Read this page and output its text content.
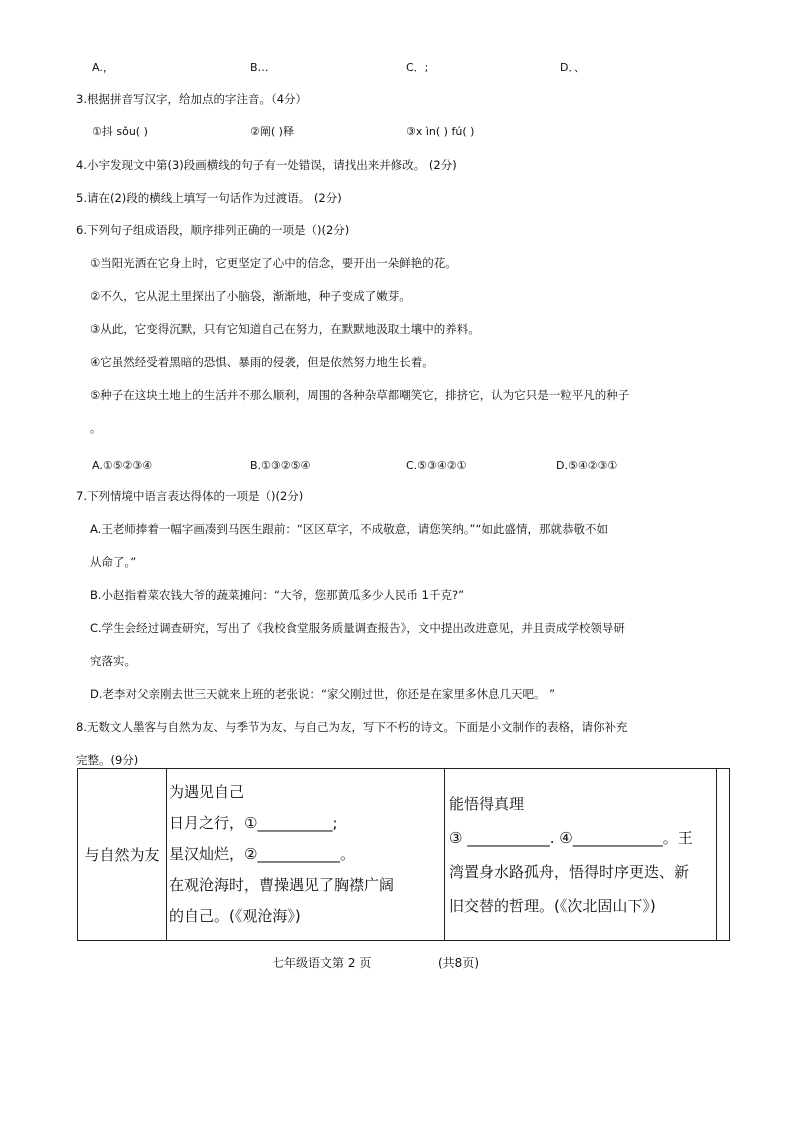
A.，	B…	C．;	D．、
3.根据拼音写汉字，给加点的字注音。（4分）
①抖 sǒu( )	②阐( )释	③x ìn( ) fú( )
4.小宇发现文中第(3)段画横线的句子有一处错误，请找出来并修改。 (2分)
5.请在(2)段的横线上填写一句话作为过渡语。 (2分)
6.下列句子组成语段，顺序排列正确的一项是（)(2分)
①当阳光洒在它身上时，它更坚定了心中的信念，要开出一朵鲜艳的花。
②不久，它从泥土里探出了小脑袋，渐渐地，种子变成了嫩芽。
③从此，它变得沉默，只有它知道自己在努力，在默默地汲取土壤中的养料。
④它虽然经受着黑暗的恐惧、暴雨的侵袭，但是依然努力地生长着。
⑤种子在这块土地上的生活并不那么顺利，周围的各种杂草都嘲笑它，排挤它，认为它只是一粒平凡的种子
。
A.①⑤②③④	B.①③②⑤④	C.⑤③④②①	D.⑤④②③①
7.下列情境中语言表达得体的一项是（)(2分)
A.王老师捧着一幅字画凑到马医生跟前：“区区草字，不成敬意，请您笑纳。”“如此盛情，那就恭敬不如
从命了。”
B.小赵指着菜农钱大爷的蔬菜摊问：“大爷，您那黄瓜多少人民币 1千克?”
C.学生会经过调查研究，写出了《我校食堂服务质量调查报告》，文中提出改进意见，并且责成学校领导研
究落实。
D.老李对父亲刚去世三天就来上班的老张说：“家父刚过世，你还是在家里多休息几天吧。 ”
8.无数文人墨客与自然为友、与季节为友、与自己为友，写下不朽的诗文。下面是小文制作的表格，请你补充
完整。(9分)
与自然为友

为遇见自己
日月之行，①__________;
星汉灿烂，②___________。
在观沧海时，曹操遇见了胸襟广阔
的自己。(《观沧海》)

能悟得真理
③ ___________. ④____________。王
湾置身水路孤舟，悟得时序更迭、新
旧交替的哲理。(《次北固山下》)

七年级语文第 2 页	(共8页)
